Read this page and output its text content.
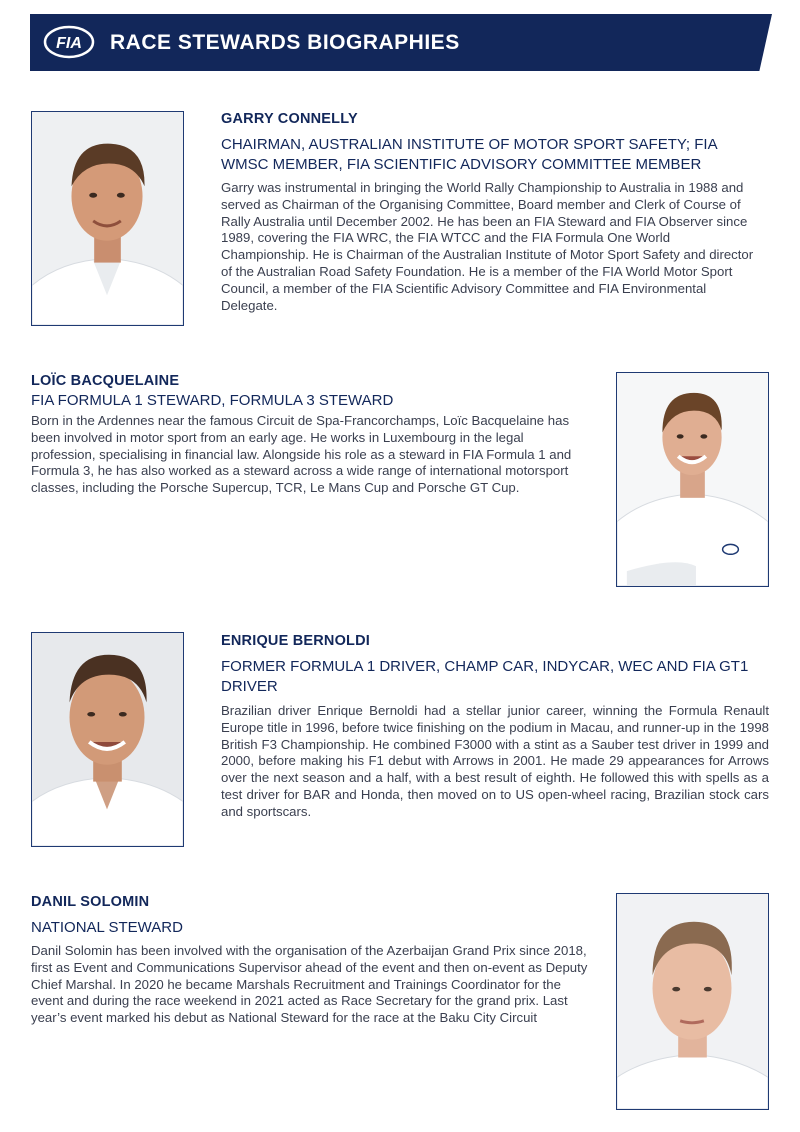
FIA RACE STEWARDS BIOGRAPHIES
GARRY CONNELLY

CHAIRMAN, AUSTRALIAN INSTITUTE OF MOTOR SPORT SAFETY; FIA WMSC MEMBER, FIA SCIENTIFIC ADVISORY COMMITTEE MEMBER

Garry was instrumental in bringing the World Rally Championship to Australia in 1988 and served as Chairman of the Organising Committee, Board member and Clerk of Course of Rally Australia until December 2002. He has been an FIA Steward and FIA Observer since 1989, covering the FIA WRC, the FIA WTCC and the FIA Formula One World Championship. He is Chairman of the Australian Institute of Motor Sport Safety and director of the Australian Road Safety Foundation. He is a member of the FIA World Motor Sport Council, a member of the FIA Scientific Advisory Committee and FIA Environmental Delegate.

LOÏC BACQUELAINE

FIA FORMULA 1 STEWARD, FORMULA 3 STEWARD

Born in the Ardennes near the famous Circuit de Spa-Francorchamps, Loïc Bacquelaine has been involved in motor sport from an early age. He works in Luxembourg in the legal profession, specialising in financial law. Alongside his role as a steward in FIA Formula 1 and Formula 3, he has also worked as a steward across a wide range of international motorsport classes, including the Porsche Supercup, TCR, Le Mans Cup and Porsche GT Cup.

ENRIQUE BERNOLDI

FORMER FORMULA 1 DRIVER, CHAMP CAR, INDYCAR, WEC AND FIA GT1 DRIVER

Brazilian driver Enrique Bernoldi had a stellar junior career, winning the Formula Renault Europe title in 1996, before twice finishing on the podium in Macau, and runner-up in the 1998 British F3 Championship. He combined F3000 with a stint as a Sauber test driver in 1999 and 2000, before making his F1 debut with Arrows in 2001. He made 29 appearances for Arrows over the next season and a half, with a best result of eighth. He followed this with spells as a test driver for BAR and Honda, then moved on to US open-wheel racing, Brazilian stock cars and sportscars.

DANIL SOLOMIN

NATIONAL STEWARD

Danil Solomin has been involved with the organisation of the Azerbaijan Grand Prix since 2018, first as Event and Communications Supervisor ahead of the event and then on-event as Deputy Chief Marshal. In 2020 he became Marshals Recruitment and Trainings Coordinator for the event and during the race weekend in 2021 acted as Race Secretary for the grand prix. Last year’s event marked his debut as National Steward for the race at the Baku City Circuit
